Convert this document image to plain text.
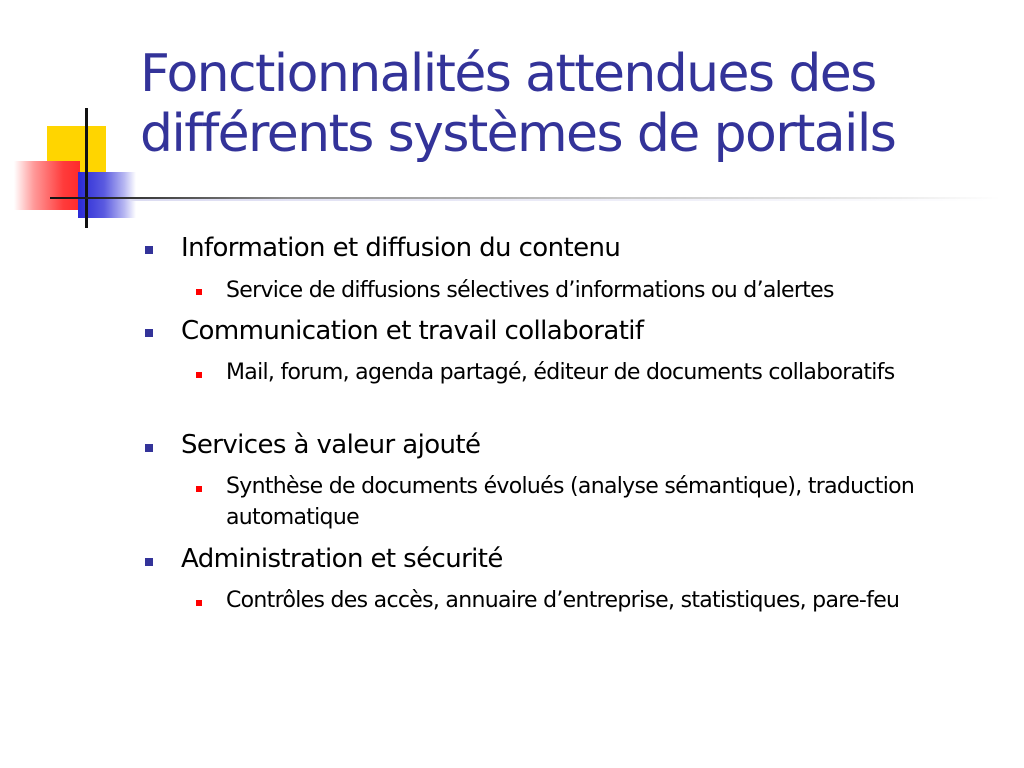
Fonctionnalités attendues des
différents systèmes de portails
Information et diffusion du contenu
Service de diffusions sélectives d’informations ou d’alertes
Communication et travail collaboratif
Mail, forum, agenda partagé, éditeur de documents collaboratifs
Services à valeur ajouté
Synthèse de documents évolués (analyse sémantique), traduction automatique
Administration et sécurité
Contrôles des accès, annuaire d’entreprise, statistiques, pare-feu
